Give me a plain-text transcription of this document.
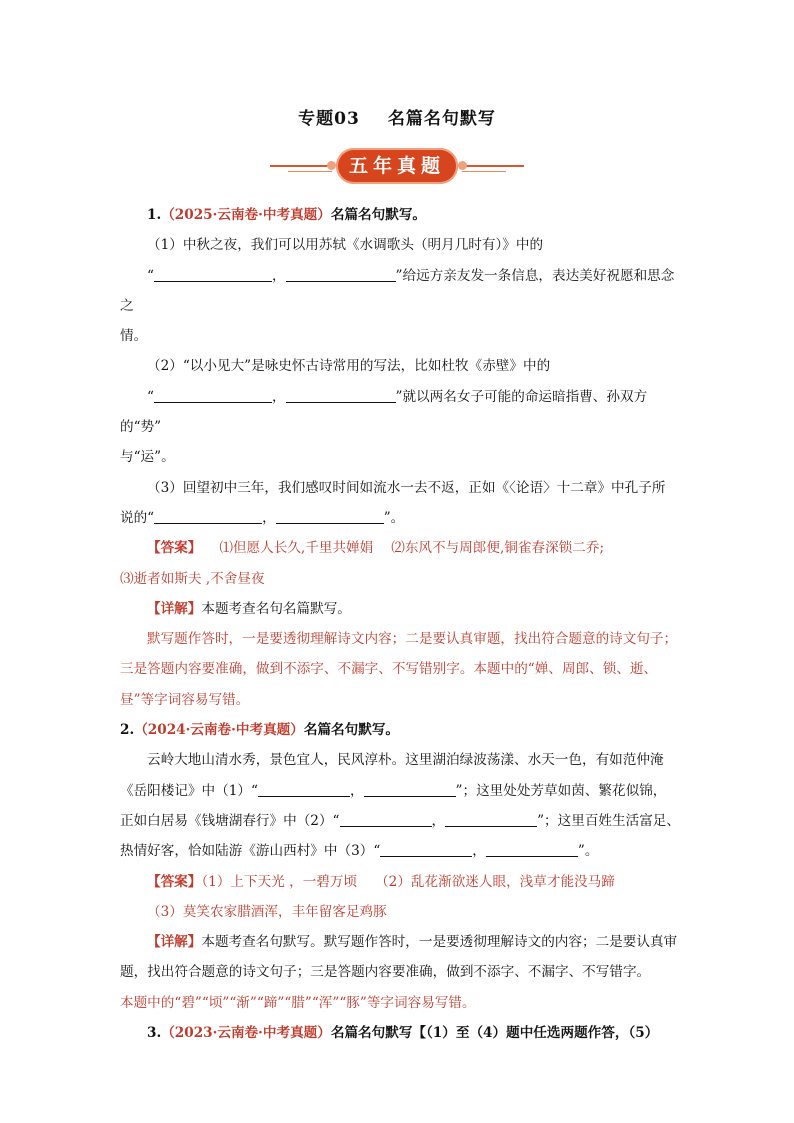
专题03 名篇名句默写
五年真题

1.（2025·云南卷·中考真题）名篇名句默写。

（1）中秋之夜，我们可以用苏轼《水调歌头（明月几时有）》中的

“	，	”给远方亲友发一条信息，表达美好祝愿和思念之

情。

（2）“以小见大”是咏史怀古诗常用的写法，比如杜牧《赤壁》中的

“	，	”就以两名女子可能的命运暗指曹、孙双方的“势”

与“运”。

（3）回望初中三年，我们感叹时间如流水一去不返，正如《〈论语〉十二章》中孔子所

说的“	，	”。

【答案】 ⑴但愿人长久,千里共婵娟 ⑵东风不与周郎便,铜雀春深锁二乔;

⑶逝者如斯夫 ,不舍昼夜

【详解】本题考查名句名篇默写。

默写题作答时，一是要透彻理解诗文内容；二是要认真审题，找出符合题意的诗文句子；三是答题内容要准确，做到不添字、不漏字、不写错别字。本题中的“婵、周郎、锁、逝、昼”等字词容易写错。

2.（2024·云南卷·中考真题）名篇名句默写。

云岭大地山清水秀，景色宜人，民风淳朴。这里湖泊绿波荡漾、水天一色，有如范仲淹

《岳阳楼记》中（1）“	，	”；这里处处芳草如茵、繁花似锦，

正如白居易《钱塘湖春行》中（2）“	，	”；这里百姓生活富足、

热情好客，恰如陆游《游山西村》中（3）“	，	”。

【答案】（1）上下天光 ，一碧万顷 （2）乱花渐欲迷人眼，浅草才能没马蹄

（3）莫笑农家腊酒浑，丰年留客足鸡豚

【详解】本题考查名句默写。默写题作答时，一是要透彻理解诗文的内容；二是要认真审题，找出符合题意的诗文句子；三是答题内容要准确，做到不添字、不漏字、不写错字。

本题中的“碧”“顷”“渐”“蹄”“腊”“浑”“豚”等字词容易写错。

3.（2023·云南卷·中考真题）名篇名句默写【（1）至（4）题中任选两题作答，（5）
